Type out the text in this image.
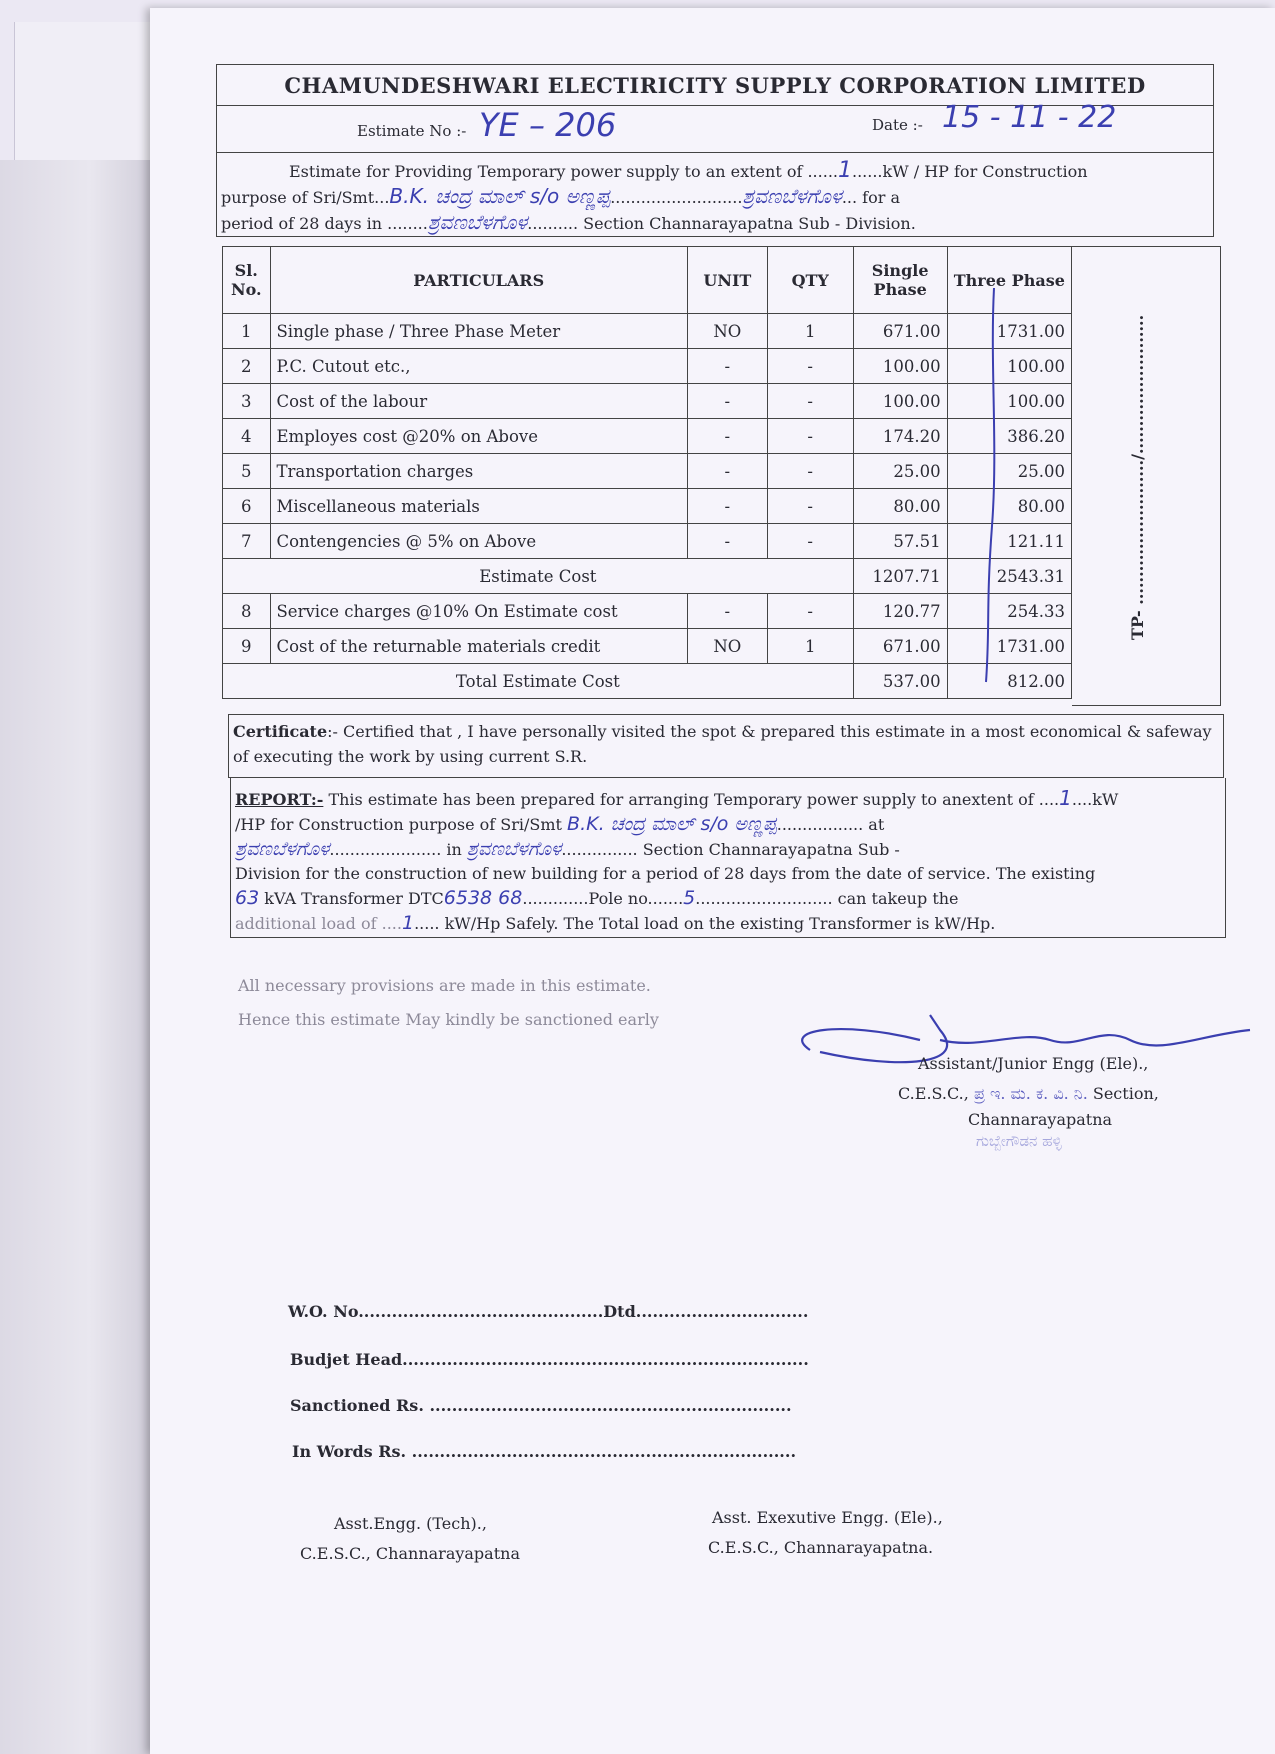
CHAMUNDESHWARI ELECTIRICITY SUPPLY CORPORATION LIMITED
Estimate No :- YE – 206	Date :- 15 - 11 - 22
Estimate for Providing Temporary power supply to an extent of ......1......kW / HP for Construction
purpose of Sri/Smt...B.K. ಚಂದ್ರ ಮಾಲ್ s/o ಅಣ್ಣಪ್ಪ..........................ಶ್ರವಣಬೆಳಗೊಳ... for a
period of 28 days in ........ಶ್ರವಣಬೆಳಗೊಳ.......... Section Channarayapatna Sub - Division.
Sl. No.	PARTICULARS	UNIT	QTY	Single Phase	Three Phase
1	Single phase / Three Phase Meter	NO	1	671.00	1731.00
2	P.C. Cutout etc.,	-	-	100.00	100.00
3	Cost of the labour	-	-	100.00	100.00
4	Employes cost @20% on Above	-	-	174.20	386.20
5	Transportation charges	-	-	25.00	25.00
6	Miscellaneous materials	-	-	80.00	80.00
7	Contengencies @ 5% on Above	-	-	57.51	121.11
Estimate Cost				1207.71	2543.31
8	Service charges @10% On Estimate cost	-	-	120.77	254.33
9	Cost of the returnable materials credit	NO	1	671.00	1731.00
Total Estimate Cost				537.00	812.00
TP- ........................../.........................
Certificate:- Certified that , I have personally visited the spot & prepared this estimate in a most economical & safeway of executing the work by using current S.R.
REPORT:- This estimate has been prepared for arranging Temporary power supply to anextent of ....1....kW
/HP for Construction purpose of Sri/Smt B.K. ಚಂದ್ರ ಮಾಲ್ s/o ಅಣ್ಣಪ್ಪ................. at
ಶ್ರವಣಬೆಳಗೊಳ...................... in ಶ್ರವಣಬೆಳಗೊಳ............... Section Channarayapatna Sub -
Division for the construction of new building for a period of 28 days from the date of service. The existing
63 kVA Transformer DTC6538 68.............Pole no.......5........................... can takeup the
additional load of ....1..... kW/Hp Safely. The Total load on the existing Transformer is kW/Hp.
All necessary provisions are made in this estimate.
Hence this estimate May kindly be sanctioned early
Assistant/Junior Engg (Ele).,
C.E.S.C., ಪ್ರ ಇ. ಮ. ಕ. ವಿ. ನಿ. Section,
Channarayapatna
ಗುಬ್ಬೇಗೌಡನ ಹಳ್ಳಿ
W.O. No............................................Dtd...............................
Budjet Head.........................................................................
Sanctioned Rs. .................................................................
In Words Rs. .....................................................................
Asst.Engg. (Tech).,
C.E.S.C., Channarayapatna
Asst. Exexutive Engg. (Ele).,
C.E.S.C., Channarayapatna.
